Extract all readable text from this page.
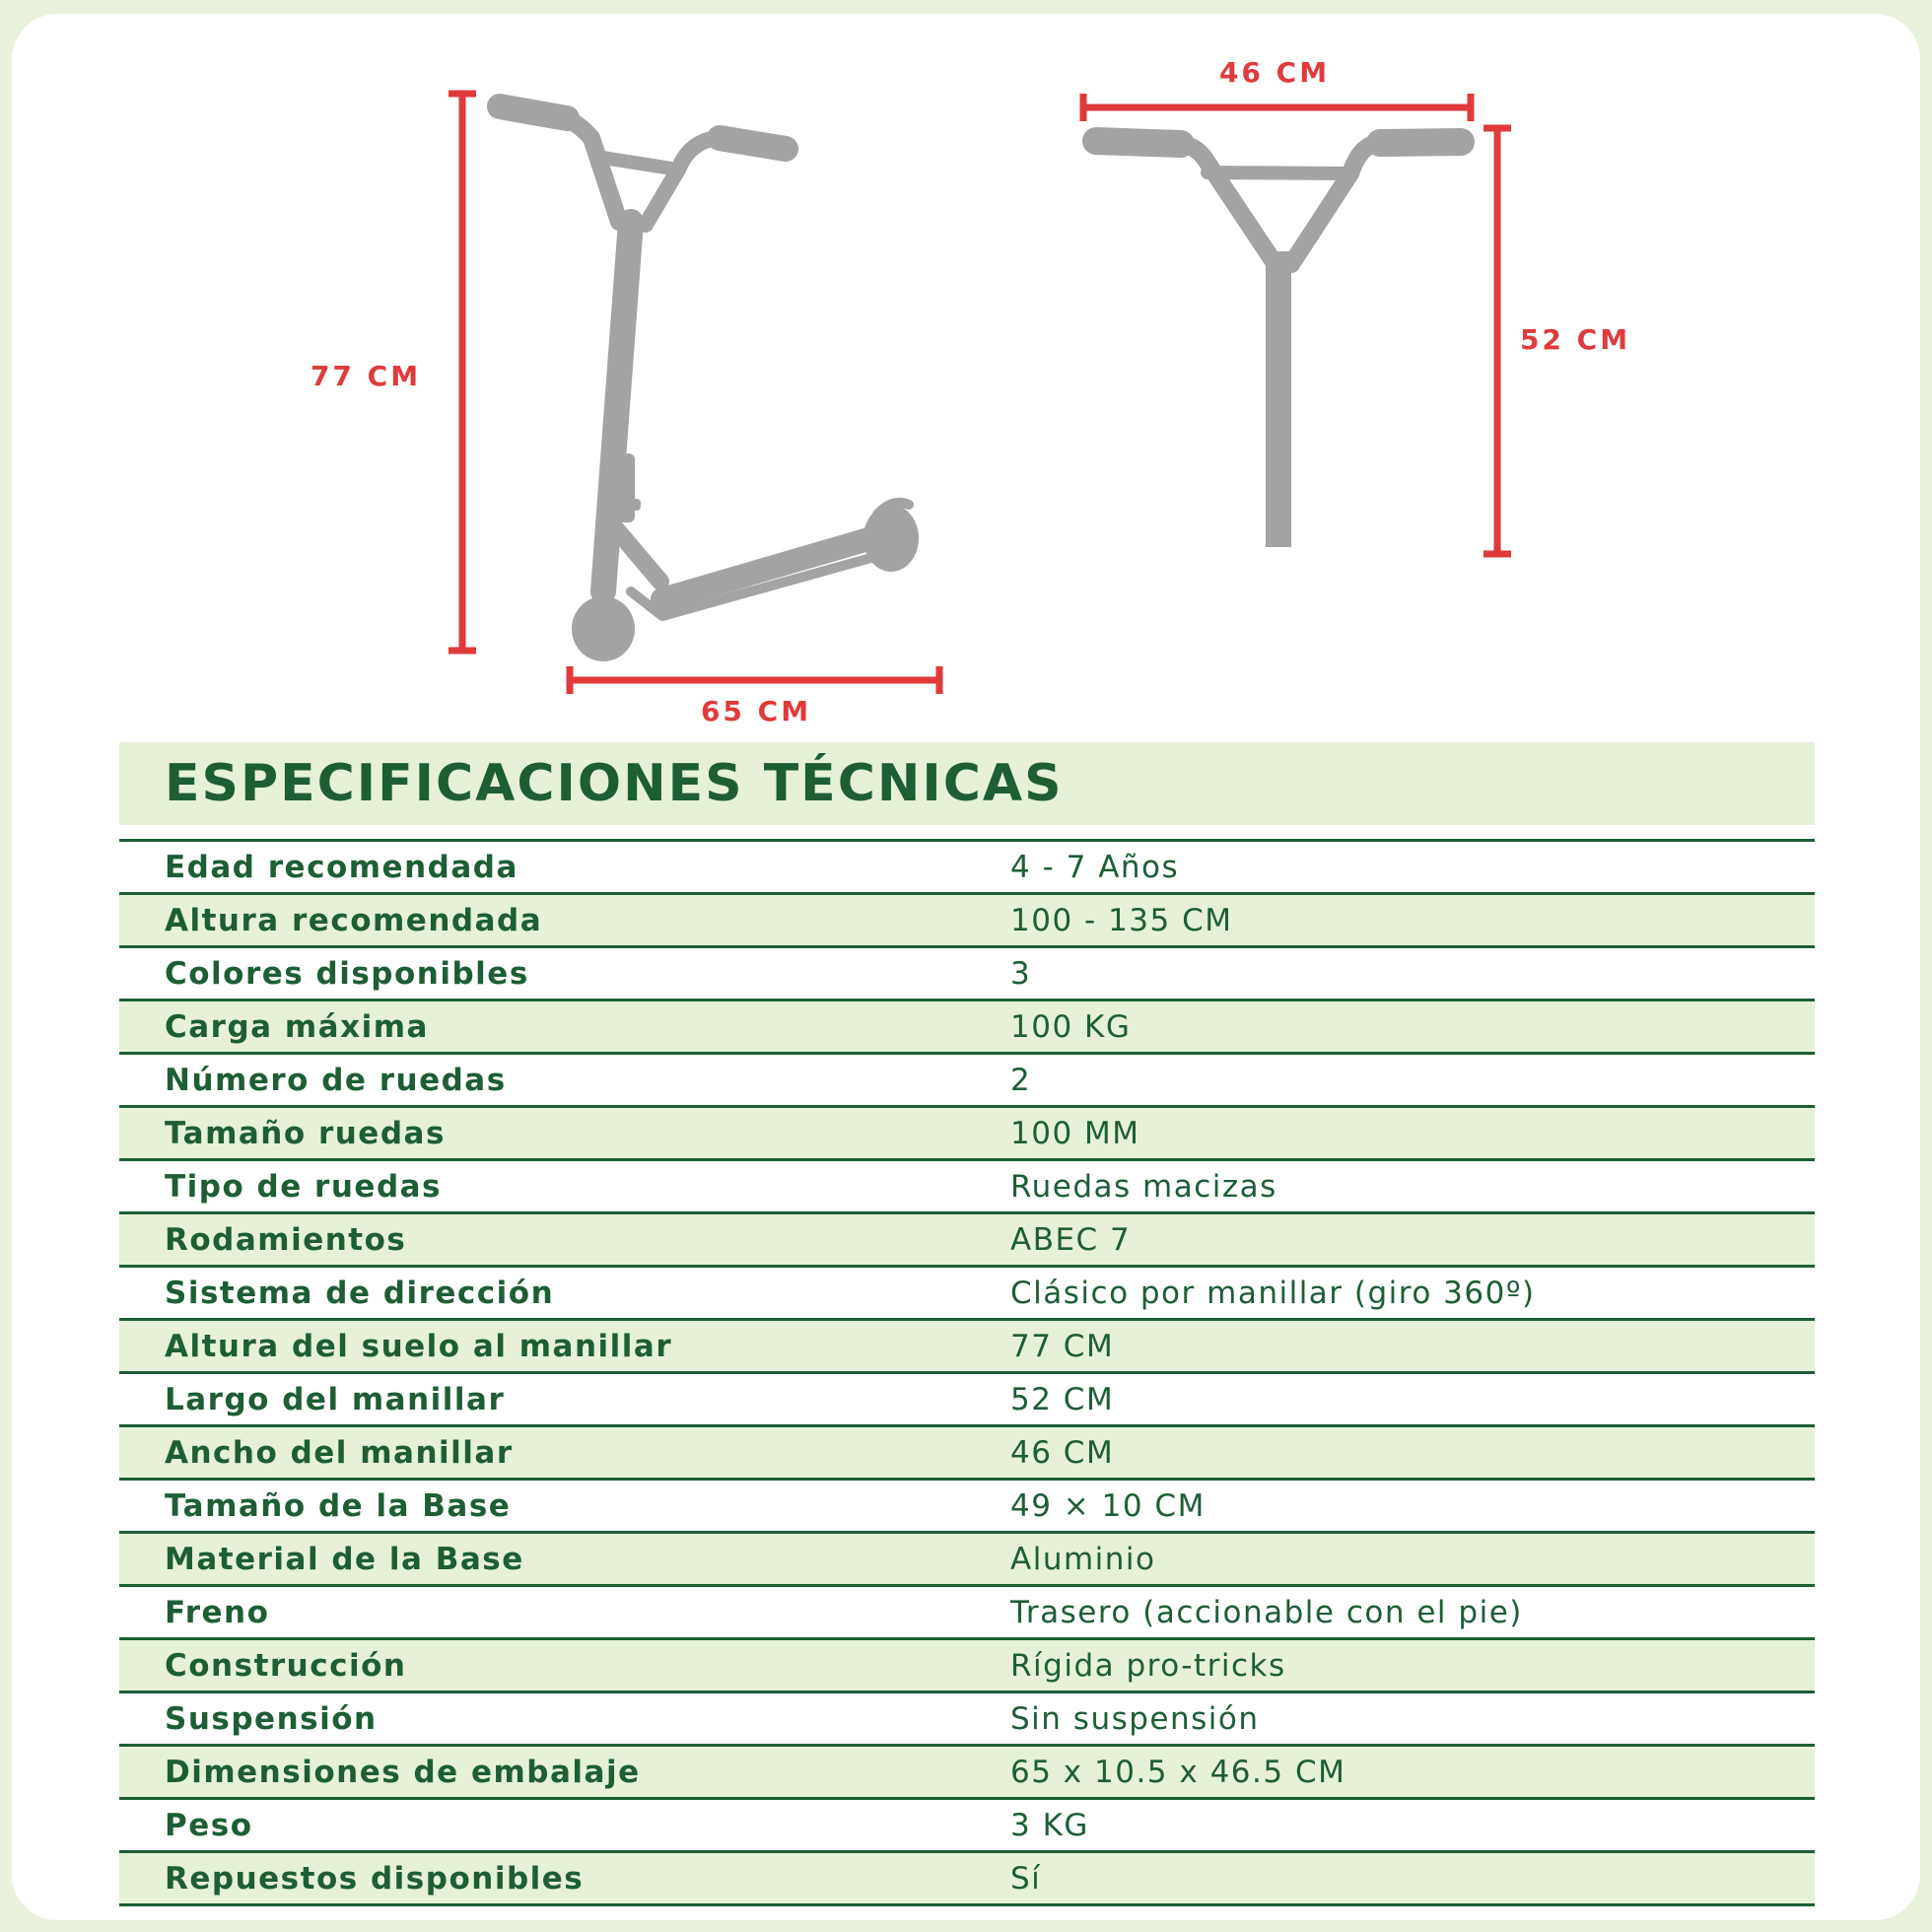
77 CM
65 CM
46 CM
52 CM
ESPECIFICACIONES TÉCNICAS
Edad recomendada	4 - 7 Años
Altura recomendada	100 - 135 CM
Colores disponibles	3
Carga máxima	100 KG
Número de ruedas	2
Tamaño ruedas	100 MM
Tipo de ruedas	Ruedas macizas
Rodamientos	ABEC 7
Sistema de dirección	Clásico por manillar (giro 360º)
Altura del suelo al manillar	77 CM
Largo del manillar	52 CM
Ancho del manillar	46 CM
Tamaño de la Base	49 × 10 CM
Material de la Base	Aluminio
Freno	Trasero (accionable con el pie)
Construcción	Rígida pro-tricks
Suspensión	Sin suspensión
Dimensiones de embalaje	65 x 10.5 x 46.5 CM
Peso	3 KG
Repuestos disponibles	Sí
